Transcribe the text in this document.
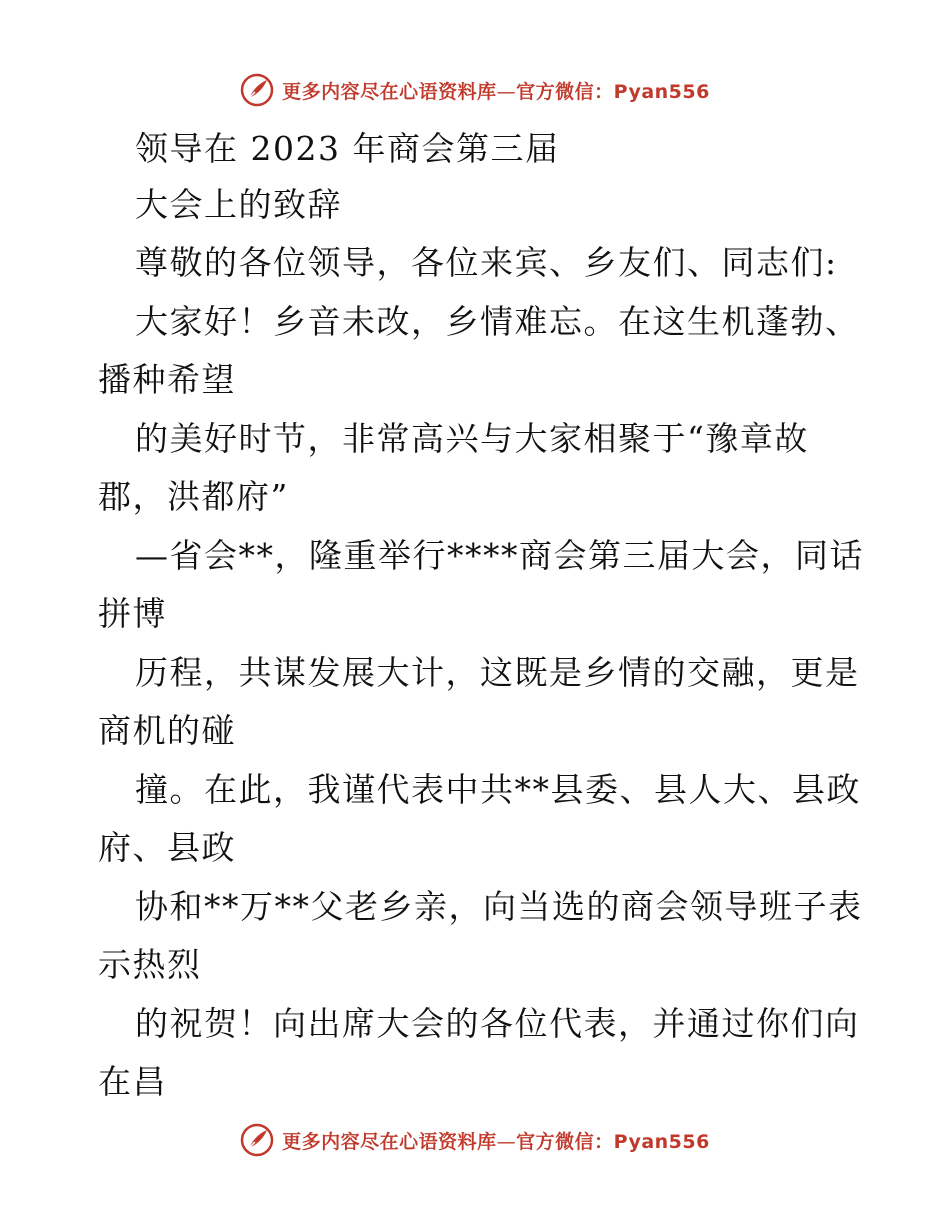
更多内容尽在心语资料库—官方微信：Pyan556
领导在 2023 年商会第三届
大会上的致辞
尊敬的各位领导，各位来宾、乡友们、同志们:
大家好！乡音未改，乡情难忘。在这生机蓬勃、
播种希望
的美好时节，非常高兴与大家相聚于“豫章故
郡，洪都府”
—省会**，隆重举行****商会第三届大会，同话
拼博
历程，共谋发展大计，这既是乡情的交融，更是
商机的碰
撞。在此，我谨代表中共**县委、县人大、县政
府、县政
协和**万**父老乡亲，向当选的商会领导班子表
示热烈
的祝贺！向出席大会的各位代表，并通过你们向
在昌
更多内容尽在心语资料库—官方微信：Pyan556
